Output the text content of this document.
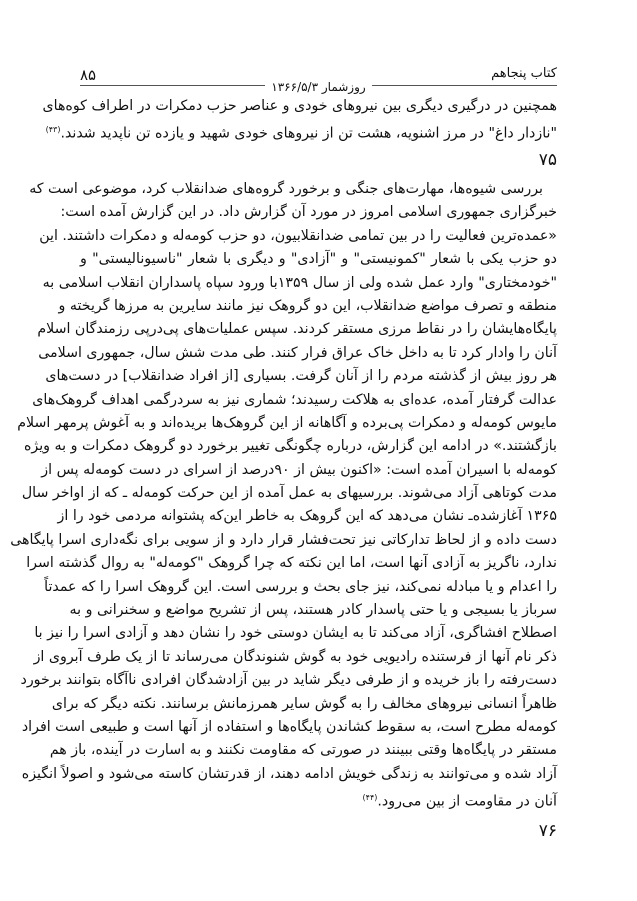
۸۵	کتاب پنجاهم
روزشمار ۱۳۶۶/۵/۳
همچنین در درگیری دیگری بین نیروهای خودی و عناصر حزب دمکرات در اطراف کوه‌های
"نازدار داغ" در مرز اشنویه، هشت تن از نیروهای خودی شهید و یازده تن ناپدید شدند.$^{(۴۳)}$
۷۵
بررسی شیوه‌ها، مهارت‌های جنگی و برخورد گروه‌های ضدانقلاب کرد، موضوعی است که
خبرگزاری جمهوری اسلامی امروز در مورد آن گزارش داد. در این گزارش آمده است:
«عمده‌ترین فعالیت را در بین تمامی ضدانقلابیون، دو حزب کومه‌له و دمکرات داشتند. این
دو حزب یکی با شعار "کمونیستی" و "آزادی" و دیگری با شعار "ناسیونالیستی" و
"خودمختاری" وارد عمل شده ولی از سال ۱۳۵۹با ورود سپاه پاسداران انقلاب اسلامی به
منطقه و تصرف مواضع ضدانقلاب، این دو گروهک نیز مانند سایرین به مرزها گریخته و
پایگاه‌هایشان را در نقاط مرزی مستقر کردند. سپس عملیات‌های پی‌درپی رزمندگان اسلام
آنان را وادار کرد تا به داخل خاک عراق فرار کنند. طی مدت شش سال، جمهوری اسلامی
هر روز بیش از گذشته مردم را از آنان گرفت. بسیاری [از افراد ضدانقلاب] در دست‌های
عدالت گرفتار آمده، عده‌ای به هلاکت رسیدند؛ شماری نیز به سردرگمی اهداف گروهک‌های
مایوس کومه‌له و دمکرات پی‌برده و آگاهانه از این گروهک‌ها بریده‌اند و به آغوش پرمهر اسلام
بازگشتند.» در ادامه این گزارش، درباره چگونگی تغییر برخورد دو گروهک دمکرات و به ویژه
کومه‌له با اسیران آمده است: «اکنون بیش از ۹۰درصد از اسرای در دست کومه‌له پس از
مدت کوتاهی آزاد می‌شوند. بررسیهای به عمل آمده از این حرکت کومه‌له ـ که از اواخر سال
۱۳۶۵ آغازشده‌ـ نشان می‌دهد که این گروهک به خاطر این‌که پشتوانه مردمی خود را از
دست داده و از لحاظ تدارکاتی نیز تحت‌فشار قرار دارد و از سویی برای نگه‌داری اسرا پایگاهی
ندارد، ناگریز به آزادی آنها است، اما این نکته که چرا گروهک "کومه‌له" به روال گذشته اسرا
را اعدام و یا مبادله نمی‌کند، نیز جای بحث و بررسی است. این گروهک اسرا را که عمدتاً
سرباز یا بسیجی و یا حتی پاسدار کادر هستند، پس از تشریح مواضع و سخنرانی و به
اصطلاح افشاگری، آزاد می‌کند تا به ایشان دوستی خود را نشان دهد و آزادی اسرا را نیز با
ذکر نام آنها از فرستنده رادیویی خود به گوش شنوندگان می‌رساند تا از یک طرف آبروی از
دست‌رفته را باز خریده و از طرفی دیگر شاید در بین آزادشدگان افرادی ناآگاه بتوانند برخورد
ظاهراً انسانی نیروهای مخالف را به گوش سایر همرزمانش برسانند. نکته دیگر که برای
کومه‌له مطرح است، به سقوط کشاندن پایگاه‌ها و استفاده از آنها است و طبیعی است افراد
مستقر در پایگاه‌ها وقتی ببینند در صورتی که مقاومت نکنند و به اسارت در آینده، باز هم
آزاد شده و می‌توانند به زندگی خویش ادامه دهند، از قدرتشان کاسته می‌شود و اصولاً انگیزه
آنان در مقاومت از بین می‌رود.$^{(۴۴)}$
۷۶
